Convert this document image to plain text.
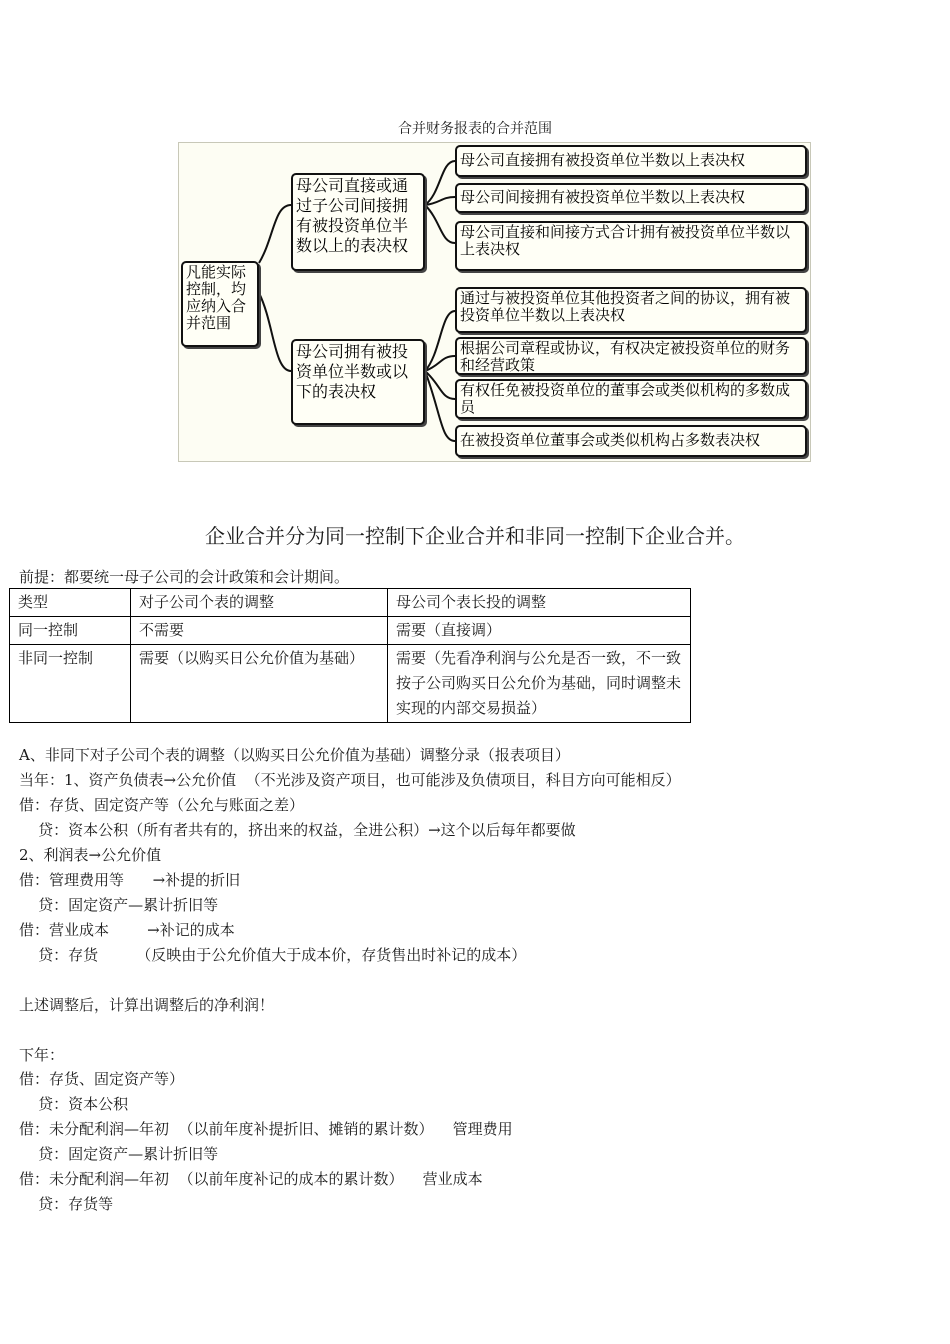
合并财务报表的合并范围
凡能实际控制，均应纳入合并范围
母公司直接或通过子公司间接拥有被投资单位半数以上的表决权
母公司拥有被投资单位半数或以下的表决权
母公司直接拥有被投资单位半数以上表决权
母公司间接拥有被投资单位半数以上表决权
母公司直接和间接方式合计拥有被投资单位半数以上表决权
通过与被投资单位其他投资者之间的协议，拥有被投资单位半数以上表决权
根据公司章程或协议，有权决定被投资单位的财务和经营政策
有权任免被投资单位的董事会或类似机构的多数成员
在被投资单位董事会或类似机构占多数表决权
企业合并分为同一控制下企业合并和非同一控制下企业合并。
前提：都要统一母子公司的会计政策和会计期间。
类型	对子公司个表的调整	母公司个表长投的调整
同一控制	不需要	需要（直接调）
非同一控制	需要（以购买日公允价值为基础）	需要（先看净利润与公允是否一致，不一致按子公司购买日公允价为基础，同时调整未实现的内部交易损益）
A、非同下对子公司个表的调整（以购买日公允价值为基础）调整分录（报表项目）
当年：1、资产负债表→公允价值  （不光涉及资产项目，也可能涉及负债项目，科目方向可能相反）
借：存货、固定资产等（公允与账面之差）
贷：资本公积（所有者共有的，挤出来的权益，全进公积）→这个以后每年都要做
2、利润表→公允价值
借：管理费用等      →补提的折旧
贷：固定资产—累计折旧等
借：营业成本        →补记的成本
贷：存货        （反映由于公允价值大于成本价，存货售出时补记的成本）
上述调整后，计算出调整后的净利润！
下年：
借：存货、固定资产等）
贷：资本公积
借：未分配利润—年初  （以前年度补提折旧、摊销的累计数）    管理费用
贷：固定资产—累计折旧等
借：未分配利润—年初  （以前年度补记的成本的累计数）    营业成本
贷：存货等
